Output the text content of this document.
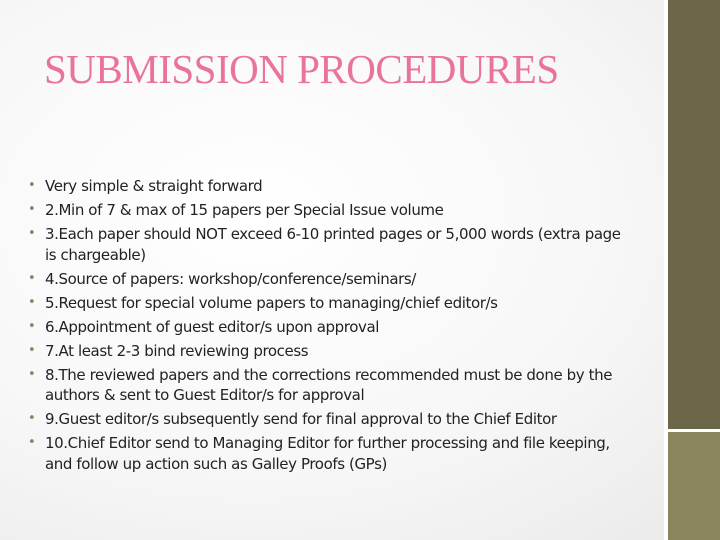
SUBMISSION PROCEDURES
• Very simple & straight forward
• 2.Min of 7 & max of 15 papers per Special Issue volume
• 3.Each paper should NOT exceed 6-10 printed pages or 5,000 words (extra page is chargeable)
• 4.Source of papers: workshop/conference/seminars/
• 5.Request for special volume papers to managing/chief editor/s
• 6.Appointment of guest editor/s upon approval
• 7.At least 2-3 bind reviewing process
• 8.The reviewed papers and the corrections recommended must be done by the authors & sent to Guest Editor/s for approval
• 9.Guest editor/s subsequently send for final approval to the Chief Editor
• 10.Chief Editor send to Managing Editor for further processing and file keeping, and follow up action such as Galley Proofs (GPs)
